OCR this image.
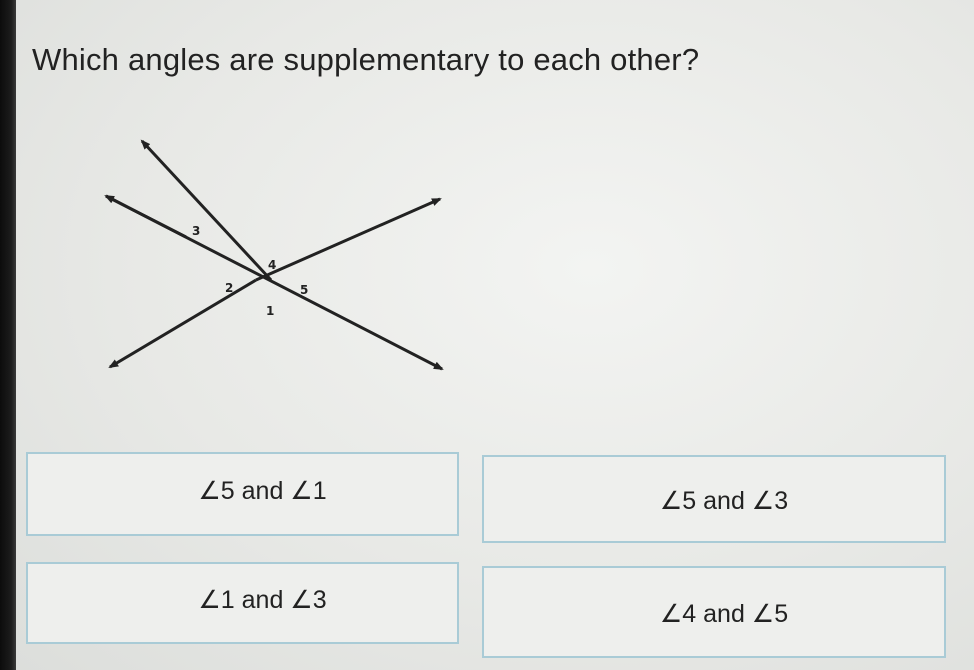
Which angles are supplementary to each other?
3
4
2	5
1
∠5 and ∠1	∠5 and ∠3
∠1 and ∠3	∠4 and ∠5
